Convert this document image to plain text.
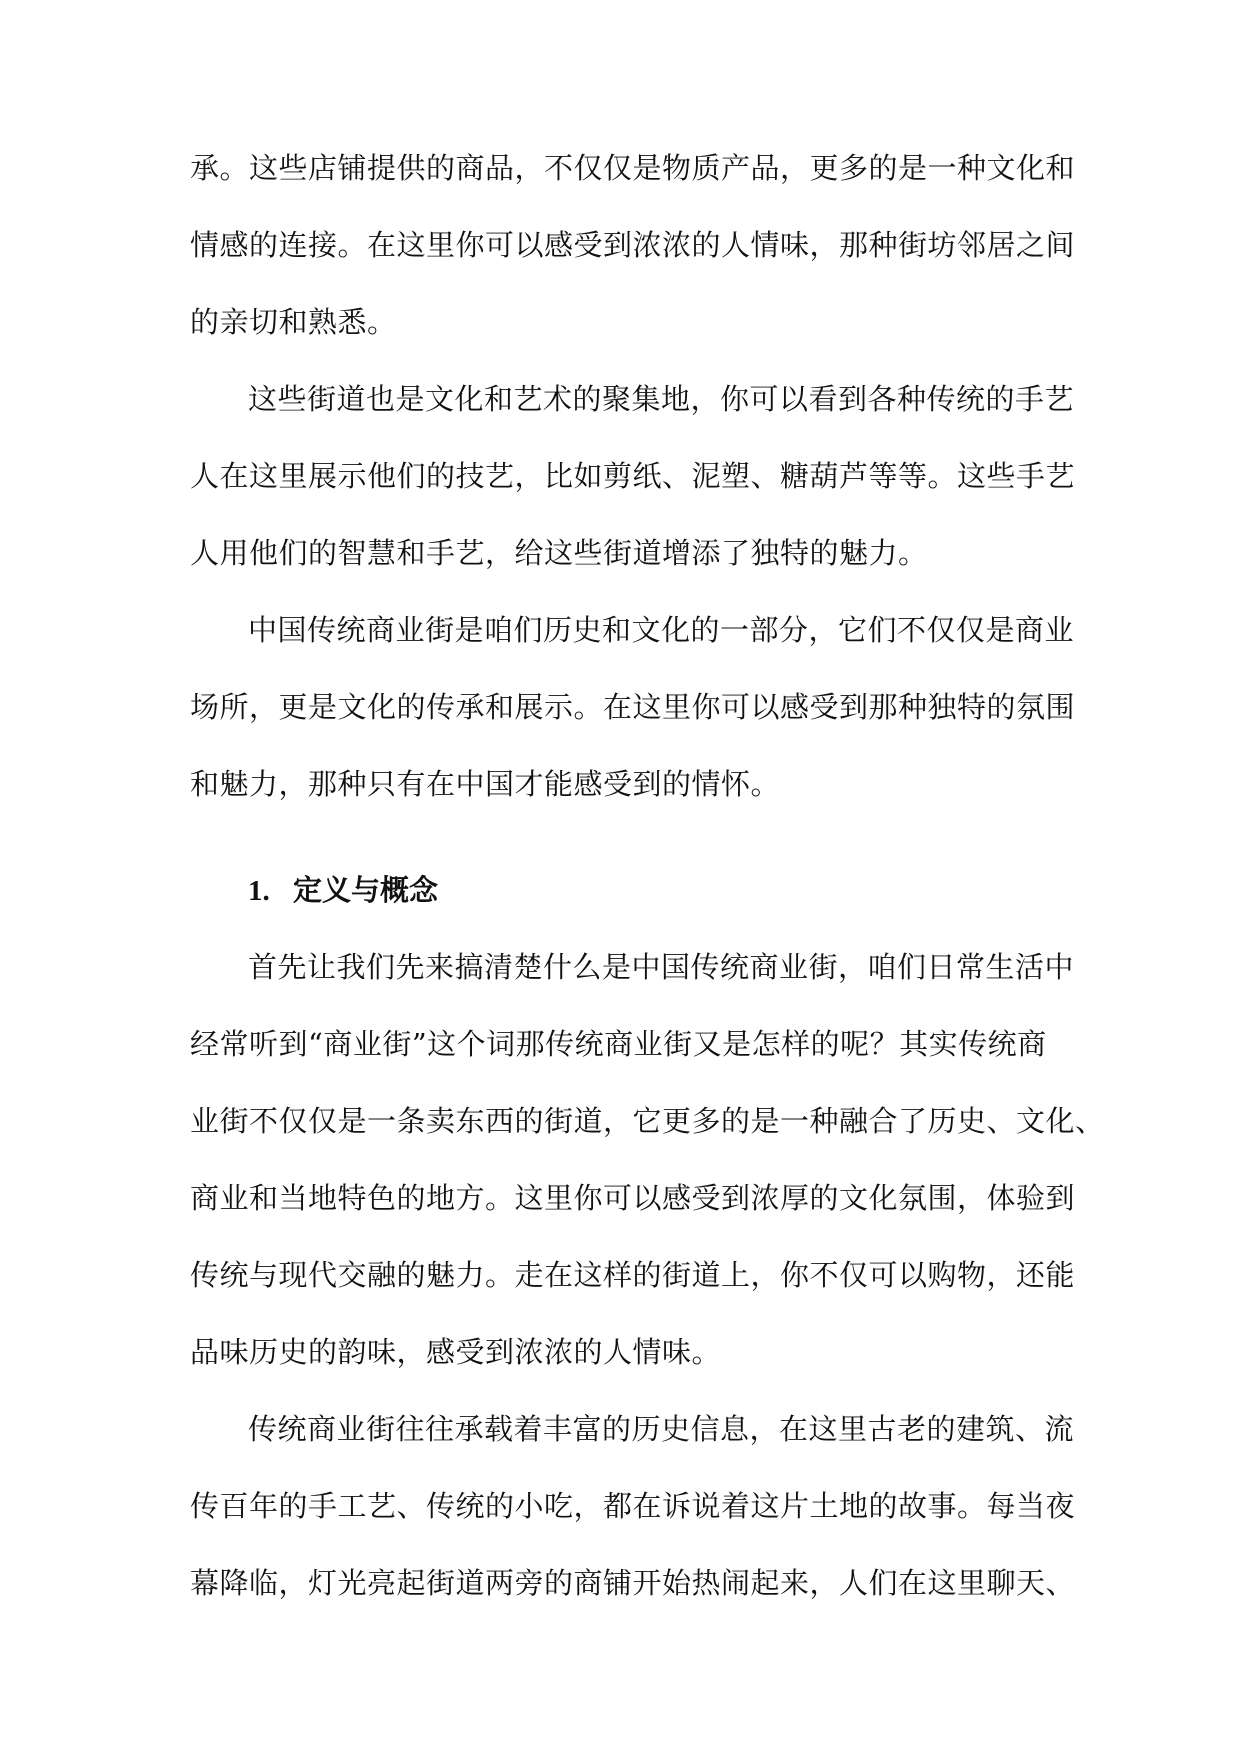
承。这些店铺提供的商品，不仅仅是物质产品，更多的是一种文化和
情感的连接。在这里你可以感受到浓浓的人情味，那种街坊邻居之间
的亲切和熟悉。
这些街道也是文化和艺术的聚集地，你可以看到各种传统的手艺
人在这里展示他们的技艺，比如剪纸、泥塑、糖葫芦等等。这些手艺
人用他们的智慧和手艺，给这些街道增添了独特的魅力。
中国传统商业街是咱们历史和文化的一部分，它们不仅仅是商业
场所，更是文化的传承和展示。在这里你可以感受到那种独特的氛围
和魅力，那种只有在中国才能感受到的情怀。
1. 定义与概念
首先让我们先来搞清楚什么是中国传统商业街，咱们日常生活中
经常听到“商业街”这个词那传统商业街又是怎样的呢？其实传统商
业街不仅仅是一条卖东西的街道，它更多的是一种融合了历史、文化、
商业和当地特色的地方。这里你可以感受到浓厚的文化氛围，体验到
传统与现代交融的魅力。走在这样的街道上，你不仅可以购物，还能
品味历史的韵味，感受到浓浓的人情味。
传统商业街往往承载着丰富的历史信息，在这里古老的建筑、流
传百年的手工艺、传统的小吃，都在诉说着这片土地的故事。每当夜
幕降临，灯光亮起街道两旁的商铺开始热闹起来，人们在这里聊天、
